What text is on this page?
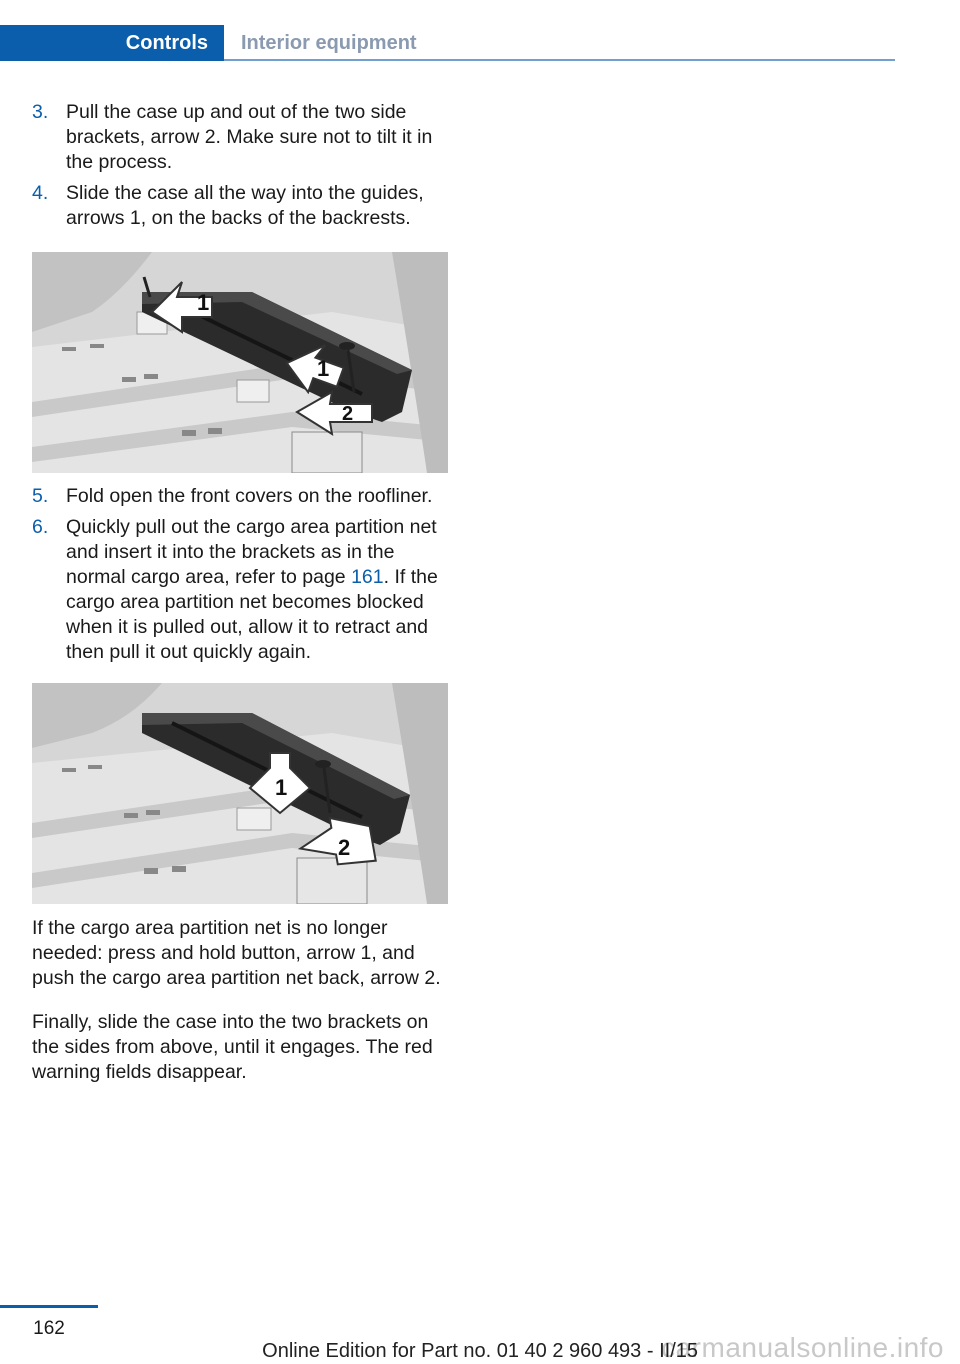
Controls	Interior equipment
3. Pull the case up and out of the two side brackets, arrow 2. Make sure not to tilt it in the process.
4. Slide the case all the way into the guides, arrows 1, on the backs of the backrests.
1
1
2
5. Fold open the front covers on the roofliner.
6. Quickly pull out the cargo area partition net and insert it into the brackets as in the normal cargo area, refer to page 161. If the cargo area partition net becomes blocked when it is pulled out, allow it to retract and then pull it out quickly again.
1
2

If the cargo area partition net is no longer needed: press and hold button, arrow 1, and push the cargo area partition net back, arrow 2.

Finally, slide the case into the two brackets on the sides from above, until it engages. The red warning fields disappear.

162
carmanualsonline.info
Online Edition for Part no. 01 40 2 960 493 - II/15
